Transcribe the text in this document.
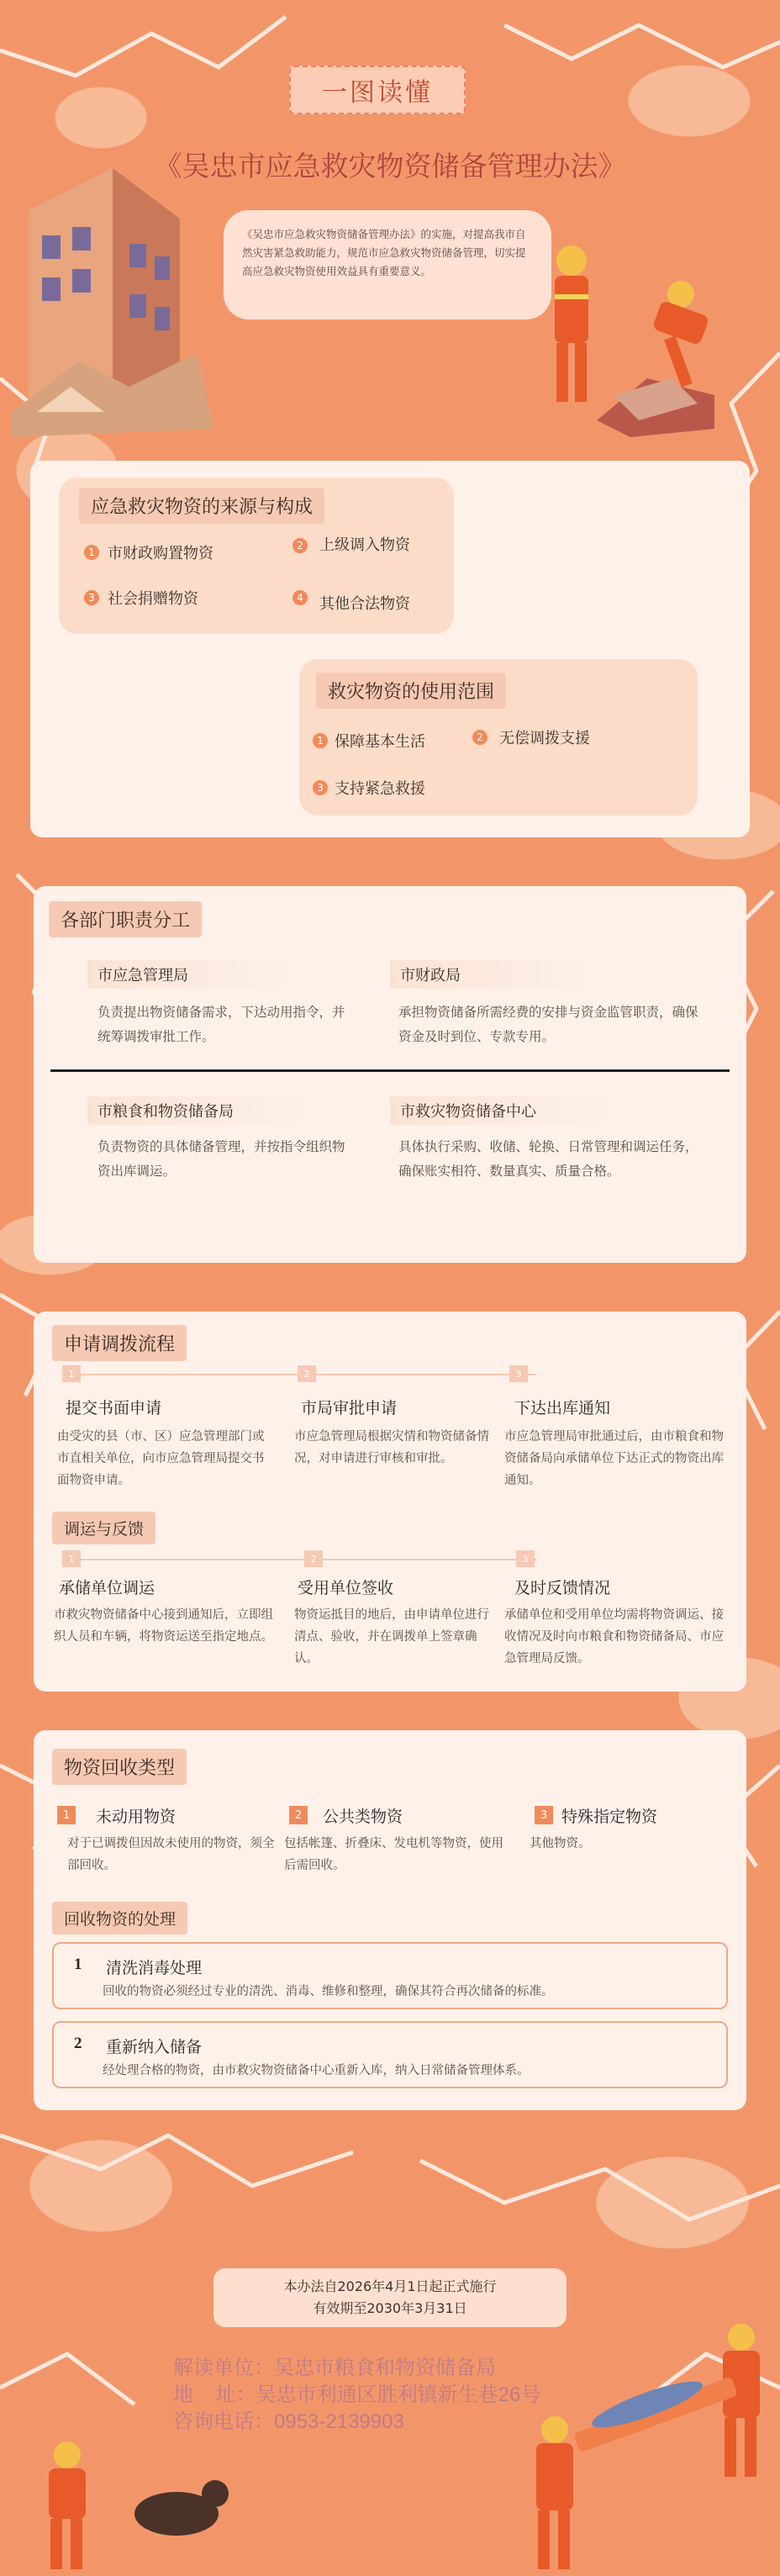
一图读懂
《吴忠市应急救灾物资储备管理办法》
《吴忠市应急救灾物资储备管理办法》的实施，对提高我市自然灾害紧急救助能力，规范市应急救灾物资储备管理，切实提高应急救灾物资使用效益具有重要意义。
应急救灾物资的来源与构成
1 市财政购置物资	2	上级调入物资
3 社会捐赠物资	4	其他合法物资
救灾物资的使用范围
1 保障基本生活	2	无偿调拨支援
3 支持紧急救援
各部门职责分工
市应急管理局
负责提出物资储备需求，下达动用指令，并统筹调拨审批工作。
市财政局
承担物资储备所需经费的安排与资金监管职责，确保资金及时到位、专款专用。
市粮食和物资储备局
负责物资的具体储备管理，并按指令组织物资出库调运。
市救灾物资储备中心
具体执行采购、收储、轮换、日常管理和调运任务，确保账实相符、数量真实、质量合格。
申请调拨流程
1	2	3
提交书面申请
由受灾的县（市、区）应急管理部门或市直相关单位，向市应急管理局提交书面物资申请。
市局审批申请
市应急管理局根据灾情和物资储备情况，对申请进行审核和审批。
下达出库通知
市应急管理局审批通过后，由市粮食和物资储备局向承储单位下达正式的物资出库通知。
调运与反馈
1	2	3
承储单位调运
市救灾物资储备中心接到通知后，立即组织人员和车辆，将物资运送至指定地点。
受用单位签收
物资运抵目的地后，由申请单位进行清点、验收，并在调拨单上签章确认。
及时反馈情况
承储单位和受用单位均需将物资调运、接收情况及时向市粮食和物资储备局、市应急管理局反馈。
物资回收类型
1	未动用物资
对于已调拨但因故未使用的物资，须全部回收。
2	公共类物资
包括帐篷、折叠床、发电机等物资，使用后需回收。
3 特殊指定物资
其他物资。
回收物资的处理
1 清洗消毒处理
回收的物资必须经过专业的清洗、消毒、维修和整理，确保其符合再次储备的标准。
2 重新纳入储备
经处理合格的物资，由市救灾物资储备中心重新入库，纳入日常储备管理体系。
本办法自2026年4月1日起正式施行
有效期至2030年3月31日
解读单位：吴忠市粮食和物资储备局
地    址：吴忠市利通区胜利镇新生巷26号
咨询电话：0953-2139903
